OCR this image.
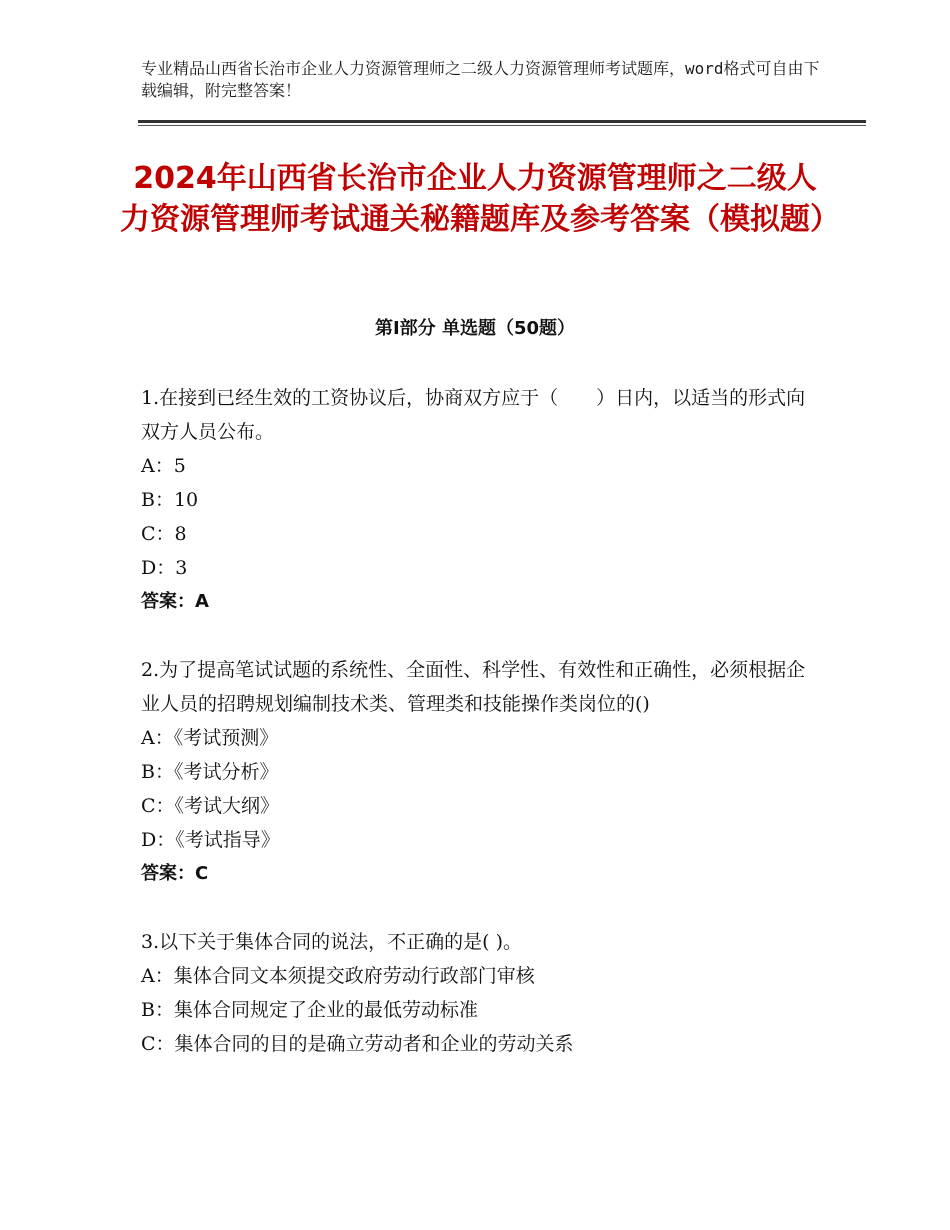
专业精品山西省长治市企业人力资源管理师之二级人力资源管理师考试题库，word格式可自由下载编辑，附完整答案！
2024年山西省长治市企业人力资源管理师之二级人力资源管理师考试通关秘籍题库及参考答案（模拟题）
第Ⅰ部分 单选题（50题）
1.在接到已经生效的工资协议后，协商双方应于（　　）日内，以适当的形式向双方人员公布。
A：5
B：10
C：8
D：3
答案：A
2.为了提高笔试试题的系统性、全面性、科学性、有效性和正确性，必须根据企业人员的招聘规划编制技术类、管理类和技能操作类岗位的()
A：《考试预测》
B：《考试分析》
C：《考试大纲》
D：《考试指导》
答案：C
3.以下关于集体合同的说法，不正确的是( )。
A：集体合同文本须提交政府劳动行政部门审核
B：集体合同规定了企业的最低劳动标准
C：集体合同的目的是确立劳动者和企业的劳动关系
